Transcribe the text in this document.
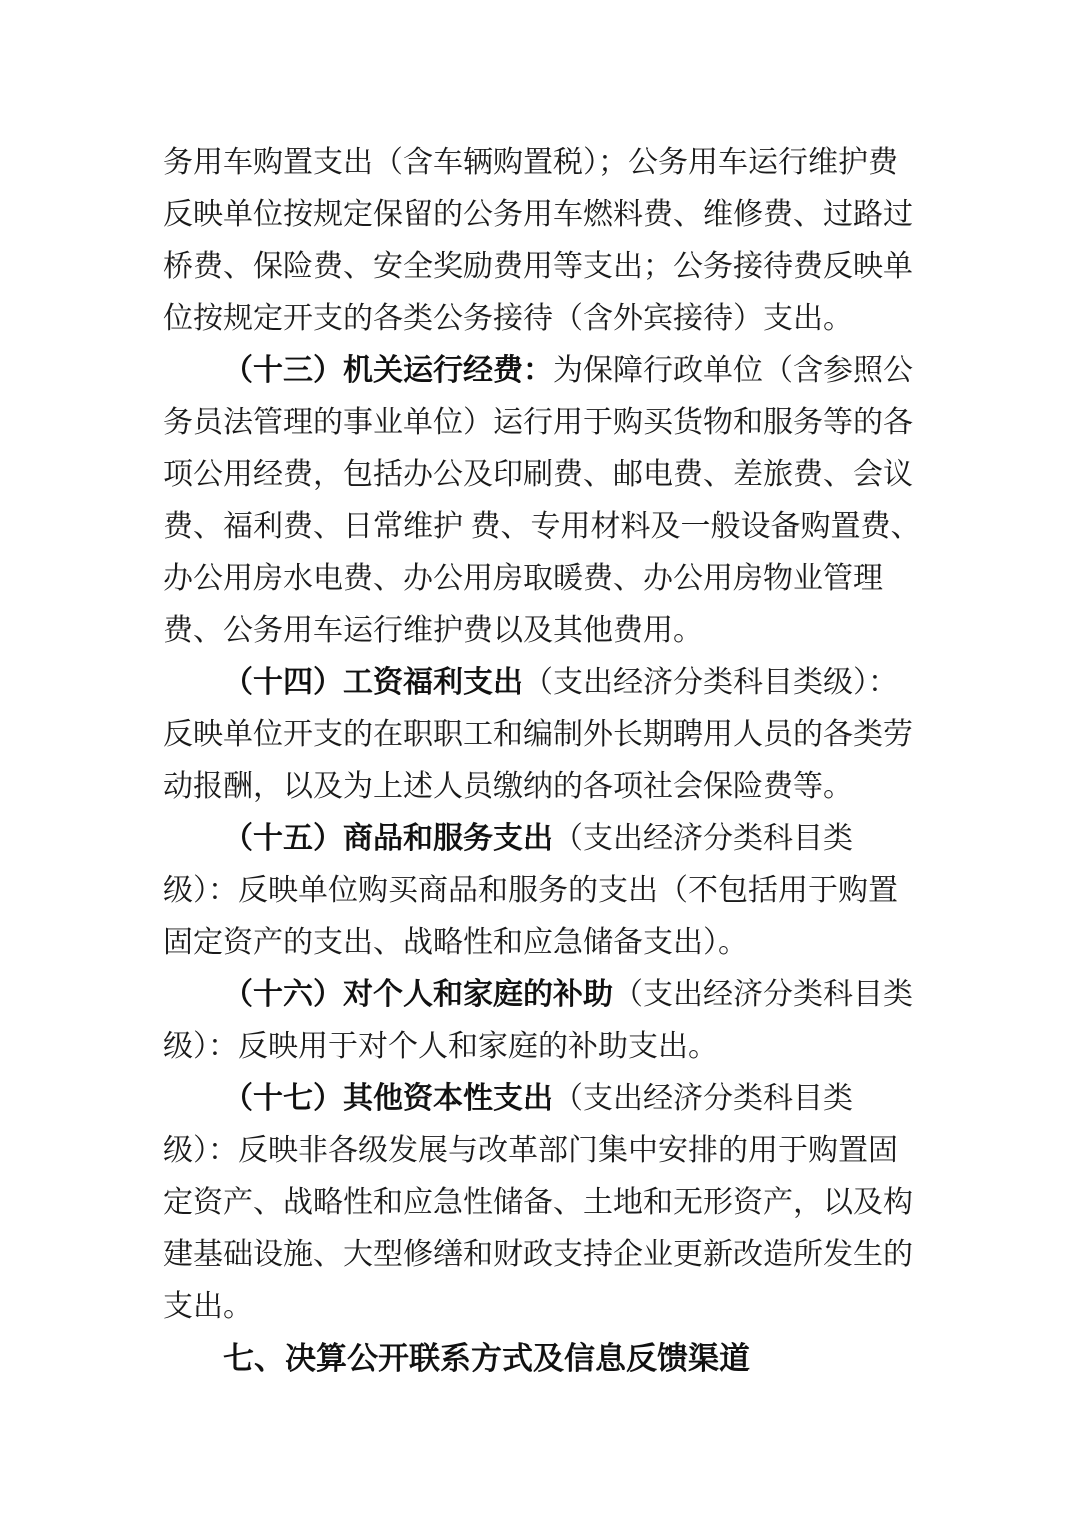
务用车购置支出（含车辆购置税）；公务用车运行维护费
反映单位按规定保留的公务用车燃料费、维修费、过路过
桥费、保险费、安全奖励费用等支出；公务接待费反映单
位按规定开支的各类公务接待（含外宾接待）支出。
（十三）机关运行经费：为保障行政单位（含参照公
务员法管理的事业单位）运行用于购买货物和服务等的各
项公用经费，包括办公及印刷费、邮电费、差旅费、会议
费、福利费、日常维护 费、专用材料及一般设备购置费、
办公用房水电费、办公用房取暖费、办公用房物业管理
费、公务用车运行维护费以及其他费用。
（十四）工资福利支出（支出经济分类科目类级）：
反映单位开支的在职职工和编制外长期聘用人员的各类劳
动报酬，以及为上述人员缴纳的各项社会保险费等。
（十五）商品和服务支出（支出经济分类科目类
级）：反映单位购买商品和服务的支出（不包括用于购置
固定资产的支出、战略性和应急储备支出）。
（十六）对个人和家庭的补助（支出经济分类科目类
级）：反映用于对个人和家庭的补助支出。
（十七）其他资本性支出（支出经济分类科目类
级）：反映非各级发展与改革部门集中安排的用于购置固
定资产、战略性和应急性储备、土地和无形资产，以及构
建基础设施、大型修缮和财政支持企业更新改造所发生的
支出。
七、决算公开联系方式及信息反馈渠道
